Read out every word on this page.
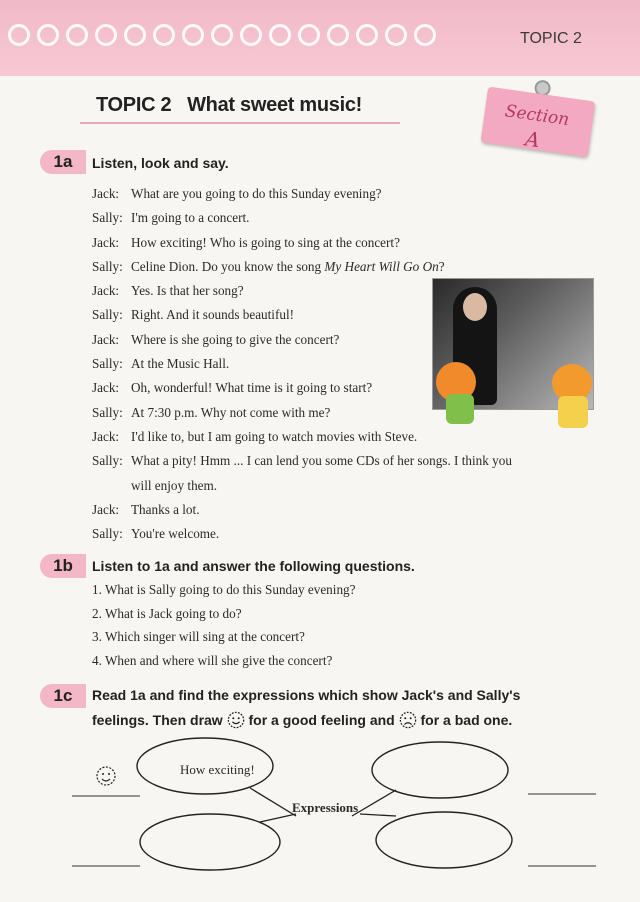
TOPIC 2
TOPIC 2   What sweet music!	Section
A
1a	Listen, look and say.
Jack: What are you going to do this Sunday evening?
Sally: I'm going to a concert.
Jack: How exciting! Who is going to sing at the concert?
Sally: Celine Dion. Do you know the song My Heart Will Go On?
Jack: Yes. Is that her song?
Sally: Right. And it sounds beautiful!
Jack: Where is she going to give the concert?
Sally: At the Music Hall.
Jack: Oh, wonderful! What time is it going to start?
Sally: At 7:30 p.m. Why not come with me?
Jack: I'd like to, but I am going to watch movies with Steve.
Sally: What a pity! Hmm ... I can lend you some CDs of her songs. I think you
will enjoy them.
Jack: Thanks a lot.
Sally: You're welcome.
1b	Listen to 1a and answer the following questions.
1. What is Sally going to do this Sunday evening?
2. What is Jack going to do?
3. Which singer will sing at the concert?
4. When and where will she give the concert?
1c	Read 1a and find the expressions which show Jack's and Sally's
feelings. Then draw for a good feeling and for a bad one.
How exciting!
Expressions
